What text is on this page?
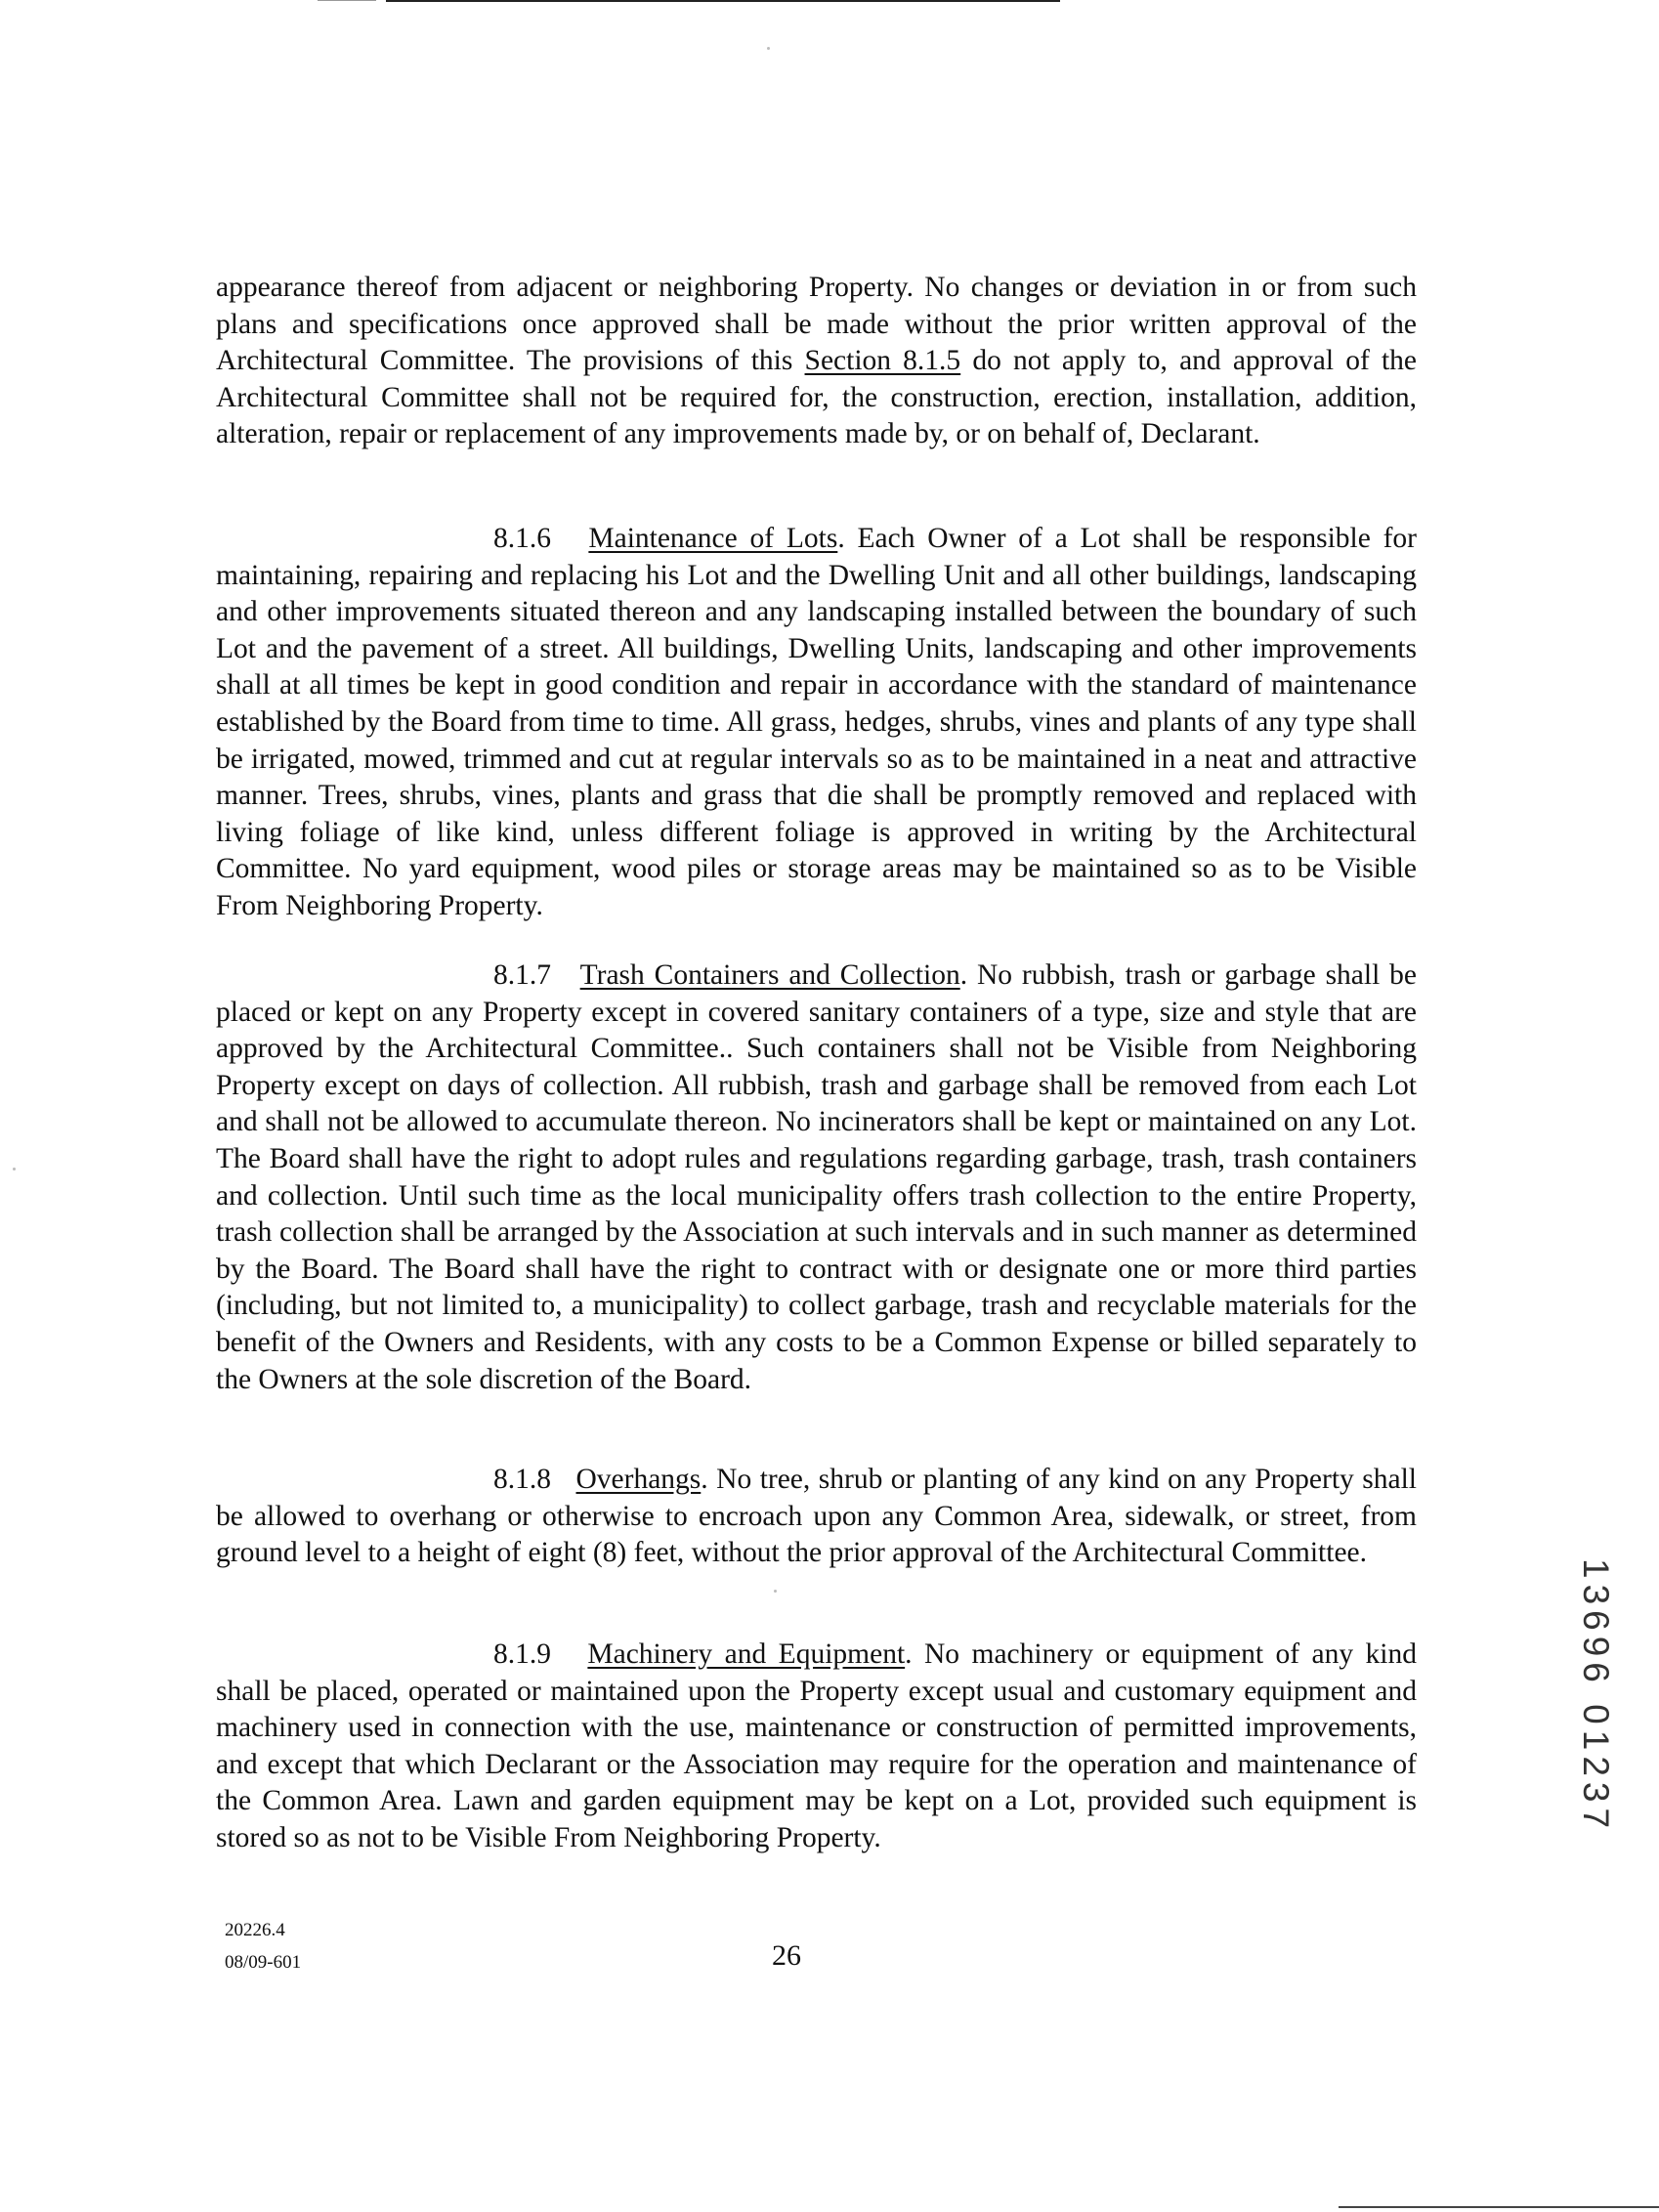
appearance thereof from adjacent or neighboring Property. No changes or deviation in or from such plans and specifications once approved shall be made without the prior written approval of the Architectural Committee. The provisions of this Section 8.1.5 do not apply to, and approval of the Architectural Committee shall not be required for, the construction, erection, installation, addition, alteration, repair or replacement of any improvements made by, or on behalf of, Declarant.

8.1.6 Maintenance of Lots. Each Owner of a Lot shall be responsible for maintaining, repairing and replacing his Lot and the Dwelling Unit and all other buildings, landscaping and other improvements situated thereon and any landscaping installed between the boundary of such Lot and the pavement of a street. All buildings, Dwelling Units, landscaping and other improvements shall at all times be kept in good condition and repair in accordance with the standard of maintenance established by the Board from time to time. All grass, hedges, shrubs, vines and plants of any type shall be irrigated, mowed, trimmed and cut at regular intervals so as to be maintained in a neat and attractive manner. Trees, shrubs, vines, plants and grass that die shall be promptly removed and replaced with living foliage of like kind, unless different foliage is approved in writing by the Architectural Committee. No yard equipment, wood piles or storage areas may be maintained so as to be Visible From Neighboring Property.

8.1.7 Trash Containers and Collection. No rubbish, trash or garbage shall be placed or kept on any Property except in covered sanitary containers of a type, size and style that are approved by the Architectural Committee.. Such containers shall not be Visible from Neighboring Property except on days of collection. All rubbish, trash and garbage shall be removed from each Lot and shall not be allowed to accumulate thereon. No incinerators shall be kept or maintained on any Lot. The Board shall have the right to adopt rules and regulations regarding garbage, trash, trash containers and collection. Until such time as the local municipality offers trash collection to the entire Property, trash collection shall be arranged by the Association at such intervals and in such manner as determined by the Board. The Board shall have the right to contract with or designate one or more third parties (including, but not limited to, a municipality) to collect garbage, trash and recyclable materials for the benefit of the Owners and Residents, with any costs to be a Common Expense or billed separately to the Owners at the sole discretion of the Board.

8.1.8 Overhangs. No tree, shrub or planting of any kind on any Property shall be allowed to overhang or otherwise to encroach upon any Common Area, sidewalk, or street, from ground level to a height of eight (8) feet, without the prior approval of the Architectural Committee.

8.1.9 Machinery and Equipment. No machinery or equipment of any kind shall be placed, operated or maintained upon the Property except usual and customary equipment and machinery used in connection with the use, maintenance or construction of permitted improvements, and except that which Declarant or the Association may require for the operation and maintenance of the Common Area. Lawn and garden equipment may be kept on a Lot, provided such equipment is stored so as not to be Visible From Neighboring Property.

20226.4
08/09-601	26
13696 01237
